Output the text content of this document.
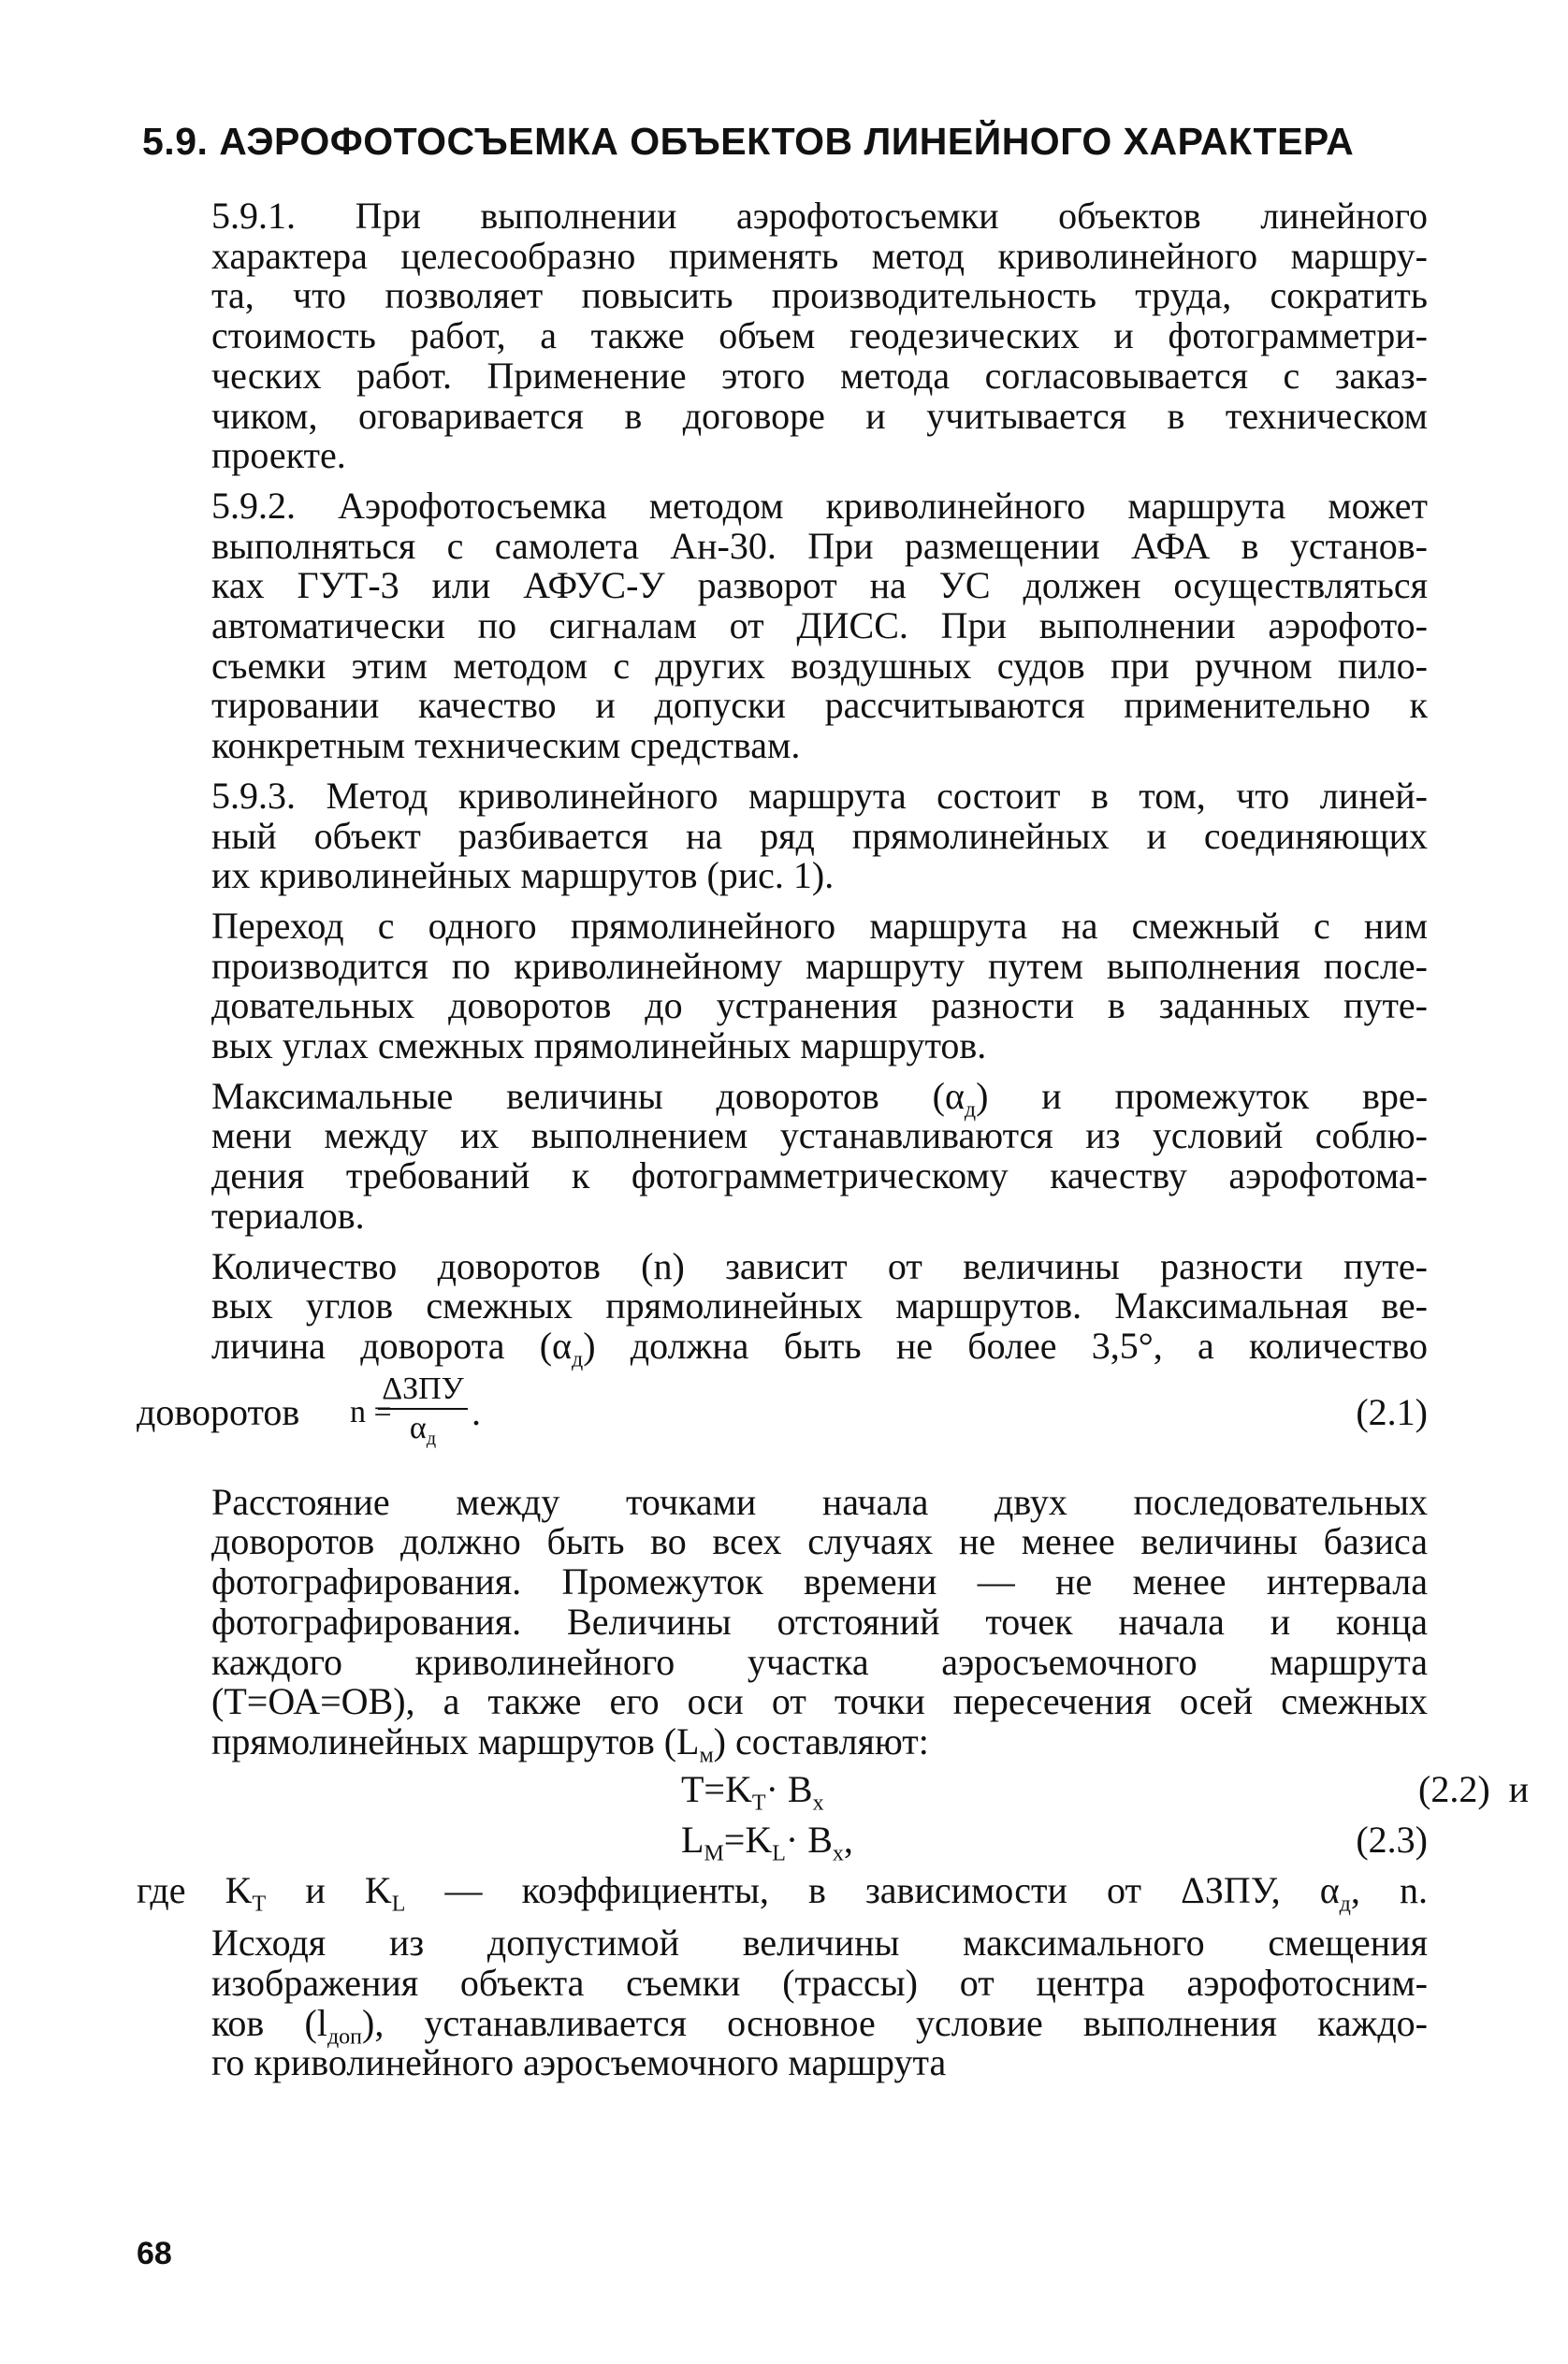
5.9. АЭРОФОТОСЪЕМКА ОБЪЕКТОВ ЛИНЕЙНОГО ХАРАКТЕРА

5.9.1. При выполнении аэрофотосъемки объектов линейного
характера целесообразно применять метод криволинейного маршру-
та, что позволяет повысить производительность труда, сократить
стоимость работ, а также объем геодезических и фотограмметри-
ческих работ. Применение этого метода согласовывается с заказ-
чиком, оговаривается в договоре и учитывается в техническом
проекте.

5.9.2. Аэрофотосъемка методом криволинейного маршрута может
выполняться с самолета Ан-30. При размещении АФА в установ-
ках ГУТ-3 или АФУС-У разворот на УС должен осуществляться
автоматически по сигналам от ДИСС. При выполнении аэрофото-
съемки этим методом с других воздушных судов при ручном пило-
тировании качество и допуски рассчитываются применительно к
конкретным техническим средствам.

5.9.3. Метод криволинейного маршрута состоит в том, что линей-
ный объект разбивается на ряд прямолинейных и соединяющих
их криволинейных маршрутов (рис. 1).

Переход с одного прямолинейного маршрута на смежный с ним
производится по криволинейному маршруту путем выполнения после-
довательных доворотов до устранения разности в заданных путе-
вых углах смежных прямолинейных маршрутов.

Максимальные величины доворотов $(\alpha_д)$ и промежуток вре-
мени между их выполнением устанавливаются из условий соблю-
дения требований к фотограмметрическому качеству аэрофотома-
териалов.

Количество доворотов (n) зависит от величины разности путе-
вых углов смежных прямолинейных маршрутов. Максимальная ве-
личина доворота $(\alpha_д)$ должна быть не более 3,5°, а количество

доворотов n =
ΔЗПУ
$\alpha_д$
.	(2.1)

Расстояние между точками начала двух последовательных
доворотов должно быть во всех случаях не менее величины базиса
фотографирования. Промежуток времени — не менее интервала
фотографирования. Величины отстояний точек начала и конца
каждого криволинейного участка аэросъемочного маршрута
(Т=ОА=ОВ), а также его оси от точки пересечения осей смежных
прямолинейных маршрутов $(L_м)$ составляют:

$Т=K_Т\cdot В_x$	(2.2) и
$L_M=K_L\cdot В_x$,	(2.3)

где $K_Т$ и $K_L$ — коэффициенты, в зависимости от ΔЗПУ, $\alpha_д$, n.

Исходя из допустимой величины максимального смещения
изображения объекта съемки (трассы) от центра аэрофотосним-
ков $(l_{доп})$, устанавливается основное условие выполнения каждо-
го криволинейного аэросъемочного маршрута

68
